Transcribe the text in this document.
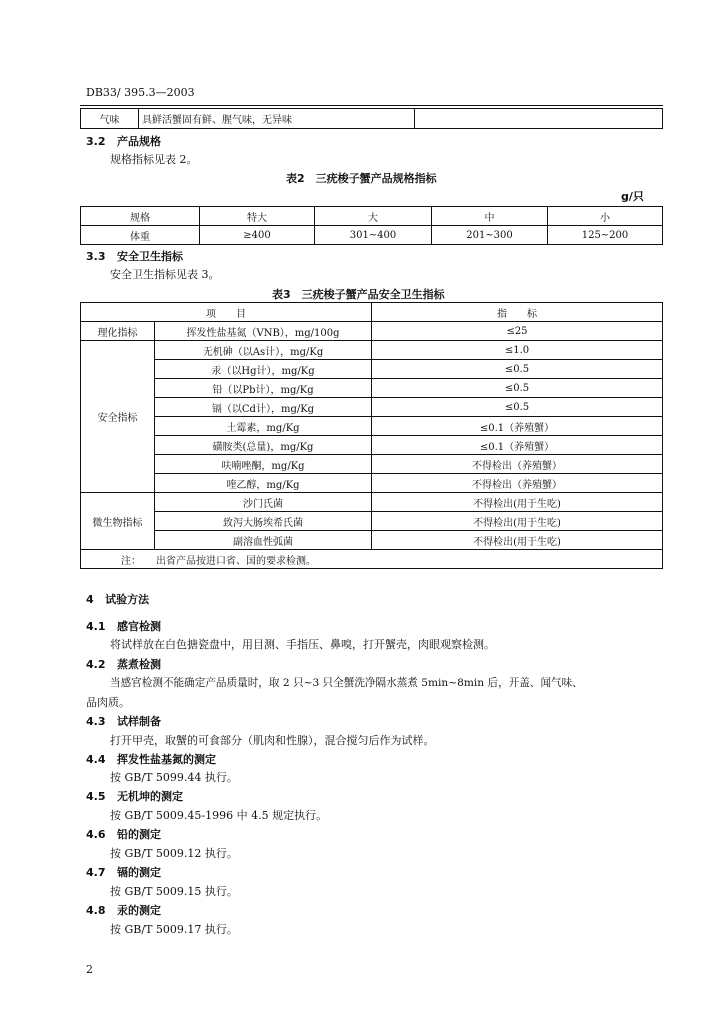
DB33/ 395.3—2003
气味	具鲜活蟹固有鲜、腥气味，无异味	
3.2 产品规格
规格指标见表 2。
表2　三疣梭子蟹产品规格指标
g/只
规格	特大	大	中	小
体重	≥400	301~400	201~300	125~200
3.3 安全卫生指标
安全卫生指标见表 3。
表3　三疣梭子蟹产品安全卫生指标
项　　目		指　　标
理化指标	挥发性盐基氮（VNB），mg/100g	≤25
安全指标	无机砷（以As计），mg/Kg	≤1.0
	汞（以Hg计），mg/Kg	≤0.5
	铅（以Pb计），mg/Kg	≤0.5
	镉（以Cd计），mg/Kg	≤0.5
	土霉素，mg/Kg	≤0.1（养殖蟹）
	磺胺类(总量)，mg/Kg	≤0.1（养殖蟹）
	呋喃唑酮，mg/Kg	不得检出（养殖蟹）
	喹乙醇，mg/Kg	不得检出（养殖蟹）
微生物指标	沙门氏菌	不得检出(用于生吃)
	致泻大肠埃希氏菌	不得检出(用于生吃)
	副溶血性弧菌	不得检出(用于生吃)
注：　　出省产品按进口省、国的要求检测。		
4 试验方法
4.1 感官检测
将试样放在白色搪瓷盘中，用目测、手指压、鼻嗅，打开蟹壳，肉眼观察检测。
4.2 蒸煮检测
当感官检测不能确定产品质量时，取 2 只~3 只全蟹洗净隔水蒸煮 5min~8min 后，开盖、闻气味、
品肉质。
4.3 试样制备
打开甲壳，取蟹的可食部分（肌肉和性腺），混合搅匀后作为试样。
4.4 挥发性盐基氮的测定
按 GB/T 5099.44 执行。
4.5 无机坤的测定
按 GB/T 5009.45-1996 中 4.5 规定执行。
4.6 铅的测定
按 GB/T 5009.12 执行。
4.7 镉的测定
按 GB/T 5009.15 执行。
4.8 汞的测定
按 GB/T 5009.17 执行。
2
